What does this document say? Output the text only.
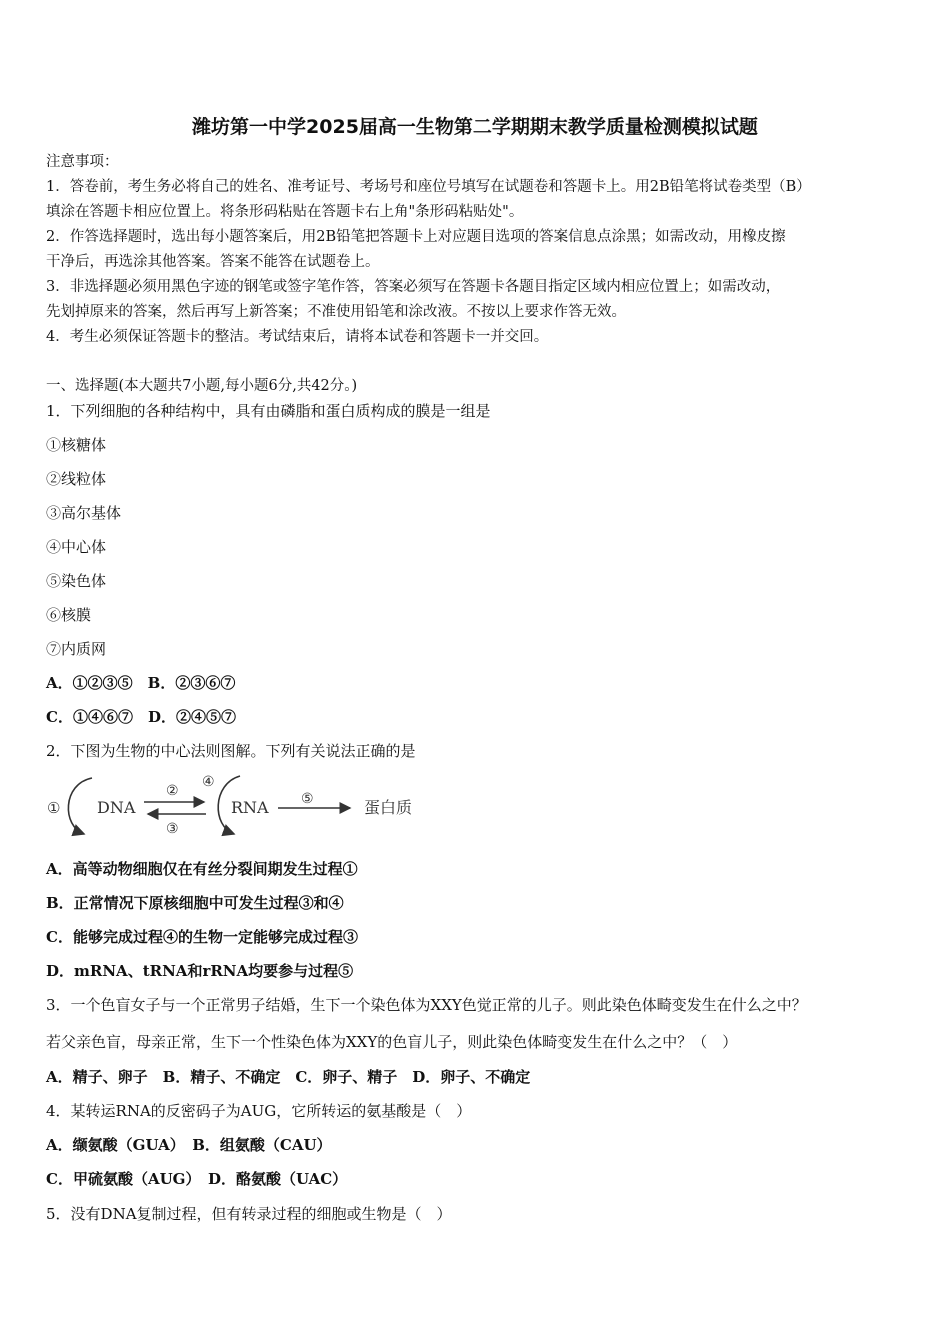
潍坊第一中学2025届高一生物第二学期期末教学质量检测模拟试题
注意事项：
1．答卷前，考生务必将自己的姓名、准考证号、考场号和座位号填写在试题卷和答题卡上。用2B铅笔将试卷类型（B）
填涂在答题卡相应位置上。将条形码粘贴在答题卡右上角"条形码粘贴处"。
2．作答选择题时，选出每小题答案后，用2B铅笔把答题卡上对应题目选项的答案信息点涂黑；如需改动，用橡皮擦
干净后，再选涂其他答案。答案不能答在试题卷上。
3．非选择题必须用黑色字迹的钢笔或签字笔作答，答案必须写在答题卡各题目指定区域内相应位置上；如需改动，
先划掉原来的答案，然后再写上新答案；不准使用铅笔和涂改液。不按以上要求作答无效。
4．考生必须保证答题卡的整洁。考试结束后，请将本试卷和答题卡一并交回。
一、选择题(本大题共7小题,每小题6分,共42分。)
1．下列细胞的各种结构中，具有由磷脂和蛋白质构成的膜是一组是
①核糖体
②线粒体
③高尔基体
④中心体
⑤染色体
⑥核膜
⑦内质网
A．①②③⑤　B．②③⑥⑦
C．①④⑥⑦　D．②④⑤⑦
2．下图为生物的中心法则图解。下列有关说法正确的是
① DNA
②
③
④
RNA ⑤	蛋白质
A．高等动物细胞仅在有丝分裂间期发生过程①
B．正常情况下原核细胞中可发生过程③和④
C．能够完成过程④的生物一定能够完成过程③
D．mRNA、tRNA和rRNA均要参与过程⑤
3．一个色盲女子与一个正常男子结婚，生下一个染色体为XXY色觉正常的儿子。则此染色体畸变发生在什么之中？
若父亲色盲，母亲正常，生下一个性染色体为XXY的色盲儿子，则此染色体畸变发生在什么之中？（　）
A．精子、卵子　B．精子、不确定　C．卵子、精子　D．卵子、不确定
4．某转运RNA的反密码子为AUG，它所转运的氨基酸是（　）
A．缬氨酸（GUA）　B．组氨酸（CAU）
C．甲硫氨酸（AUG）　D．酪氨酸（UAC）
5．没有DNA复制过程，但有转录过程的细胞或生物是（　）
